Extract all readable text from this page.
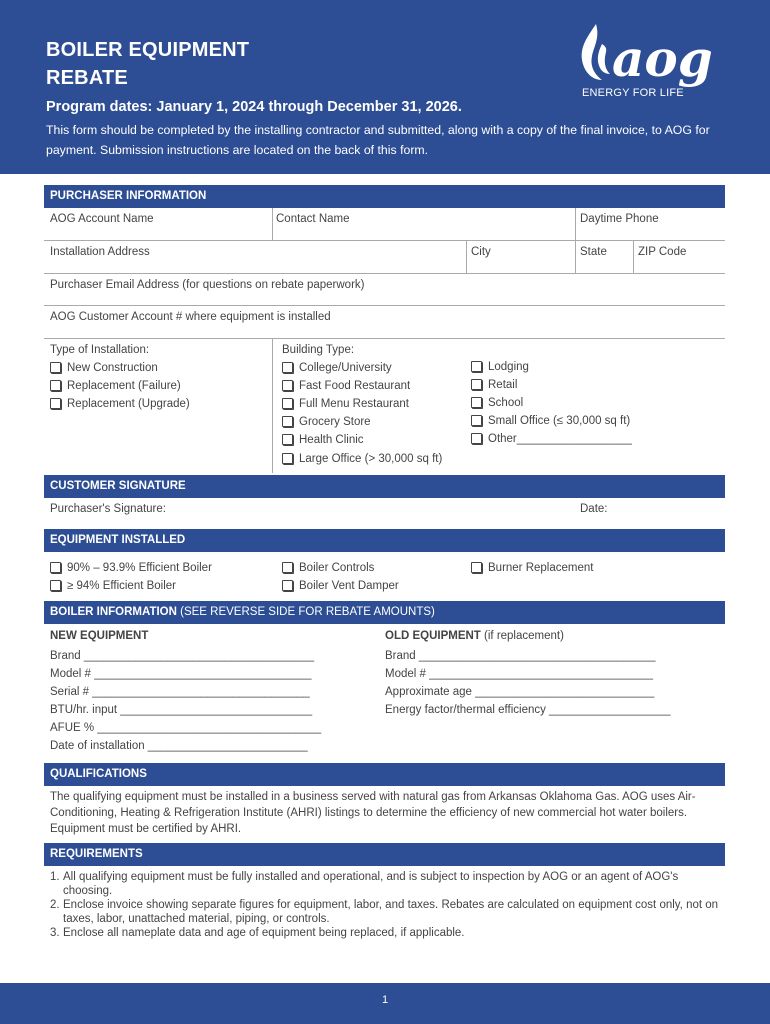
BOILER EQUIPMENT
REBATE
Program dates: January 1, 2024 through December 31, 2026.
This form should be completed by the installing contractor and submitted, along with a copy of the final invoice, to AOG for payment. Submission instructions are located on the back of this form.
aog
ENERGY FOR LIFE
PURCHASER INFORMATION
AOG Account Name	Contact Name	Daytime Phone
Installation Address	City	State	ZIP Code
Purchaser Email Address (for questions on rebate paperwork)
AOG Customer Account # where equipment is installed
Type of Installation:
New Construction
Replacement (Failure)
Replacement (Upgrade)
Building Type:
College/University
Fast Food Restaurant
Full Menu Restaurant
Grocery Store
Health Clinic
Large Office (> 30,000 sq ft)
Lodging
Retail
School
Small Office (≤ 30,000 sq ft)
Other__________________
CUSTOMER SIGNATURE
Purchaser's Signature:	Date:
EQUIPMENT INSTALLED
90% – 93.9% Efficient Boiler
≥ 94% Efficient Boiler
Boiler Controls
Boiler Vent Damper
Burner Replacement
BOILER INFORMATION (SEE REVERSE SIDE FOR REBATE AMOUNTS)
NEW EQUIPMENT
Brand ____________________________________
Model # __________________________________
Serial # __________________________________
BTU/hr. input ______________________________
AFUE % ___________________________________
Date of installation _________________________
OLD EQUIPMENT (if replacement)
Brand _____________________________________
Model # ___________________________________
Approximate age ____________________________
Energy factor/thermal efficiency ___________________
QUALIFICATIONS
The qualifying equipment must be installed in a business served with natural gas from Arkansas Oklahoma Gas. AOG uses Air-Conditioning, Heating & Refrigeration Institute (AHRI) listings to determine the efficiency of new commercial hot water boilers. Equipment must be certified by AHRI.
REQUIREMENTS
1. All qualifying equipment must be fully installed and operational, and is subject to inspection by AOG or an agent of AOG's choosing.
2. Enclose invoice showing separate figures for equipment, labor, and taxes. Rebates are calculated on equipment cost only, not on taxes, labor, unattached material, piping, or controls.
3. Enclose all nameplate data and age of equipment being replaced, if applicable.
1
